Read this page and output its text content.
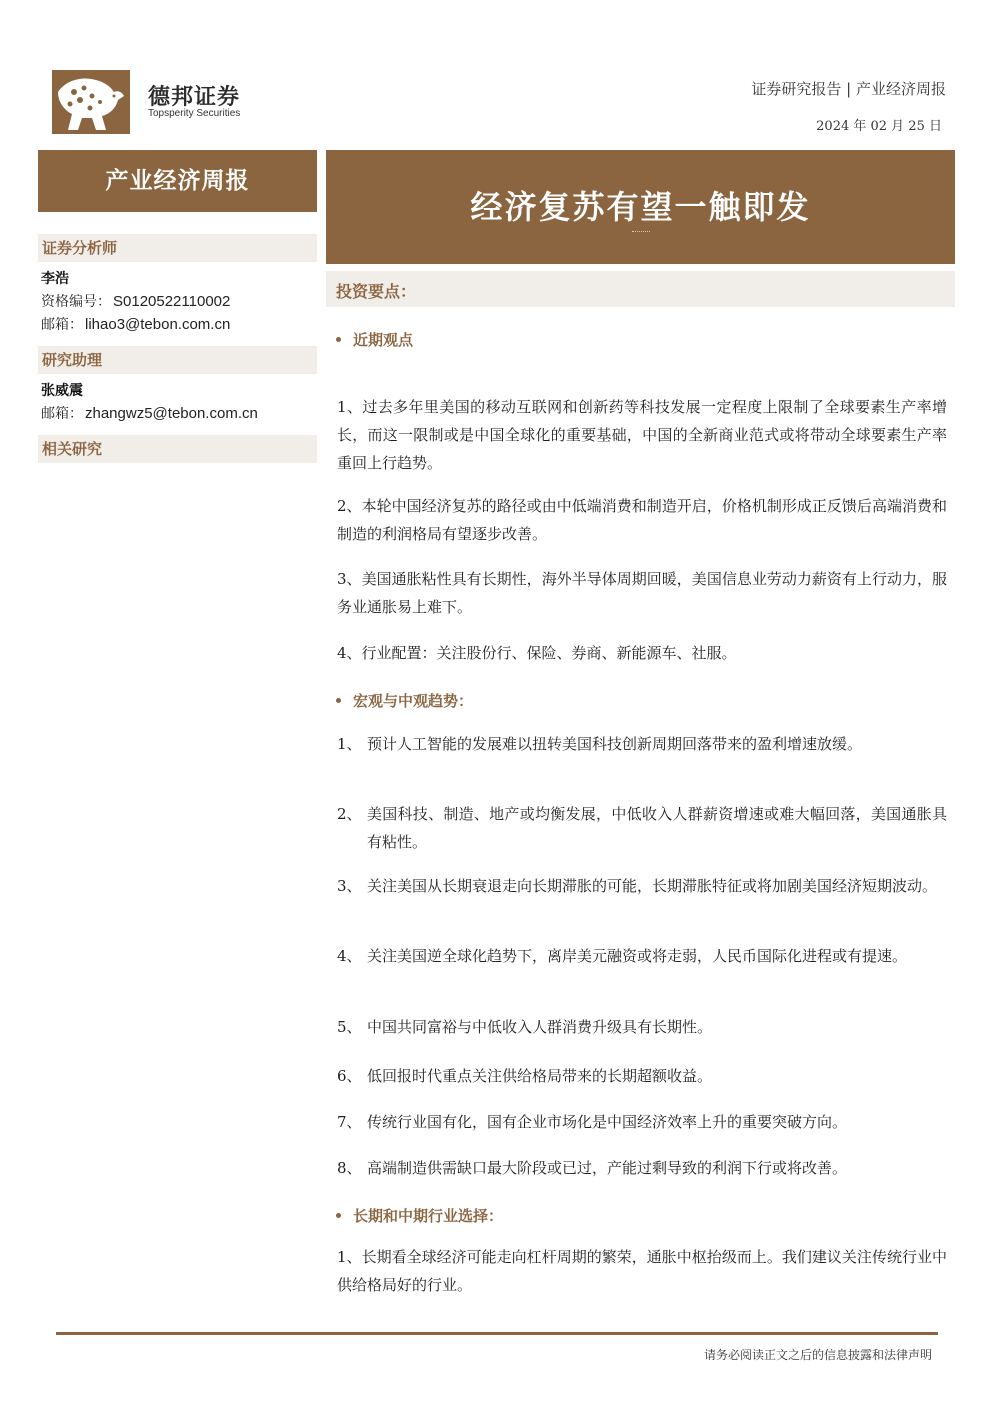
德邦证券
Topsperity Securities
证券研究报告 | 产业经济周报
2024 年 02 月 25 日
产业经济周报
证券分析师
李浩
资格编号： S0120522110002
邮箱： lihao3@tebon.com.cn
研究助理
张威震
邮箱： zhangwz5@tebon.com.cn
相关研究
经济复苏有望一触即发
投资要点：
近期观点
1、过去多年里美国的移动互联网和创新药等科技发展一定程度上限制了全球要素生产率增长，而这一限制或是中国全球化的重要基础，中国的全新商业范式或将带动全球要素生产率重回上行趋势。
2、本轮中国经济复苏的路径或由中低端消费和制造开启，价格机制形成正反馈后高端消费和制造的利润格局有望逐步改善。
3、美国通胀粘性具有长期性，海外半导体周期回暖，美国信息业劳动力薪资有上行动力，服务业通胀易上难下。
4、行业配置：关注股份行、保险、券商、新能源车、社服。
宏观与中观趋势：
1、 预计人工智能的发展难以扭转美国科技创新周期回落带来的盈利增速放缓。
2、 美国科技、制造、地产或均衡发展，中低收入人群薪资增速或难大幅回落，美国通胀具有粘性。
3、 关注美国从长期衰退走向长期滞胀的可能，长期滞胀特征或将加剧美国经济短期波动。
4、 关注美国逆全球化趋势下，离岸美元融资或将走弱，人民币国际化进程或有提速。
5、 中国共同富裕与中低收入人群消费升级具有长期性。
6、 低回报时代重点关注供给格局带来的长期超额收益。
7、 传统行业国有化，国有企业市场化是中国经济效率上升的重要突破方向。
8、 高端制造供需缺口最大阶段或已过，产能过剩导致的利润下行或将改善。
长期和中期行业选择：
1、长期看全球经济可能走向杠杆周期的繁荣，通胀中枢抬级而上。我们建议关注传统行业中供给格局好的行业。
请务必阅读正文之后的信息披露和法律声明
